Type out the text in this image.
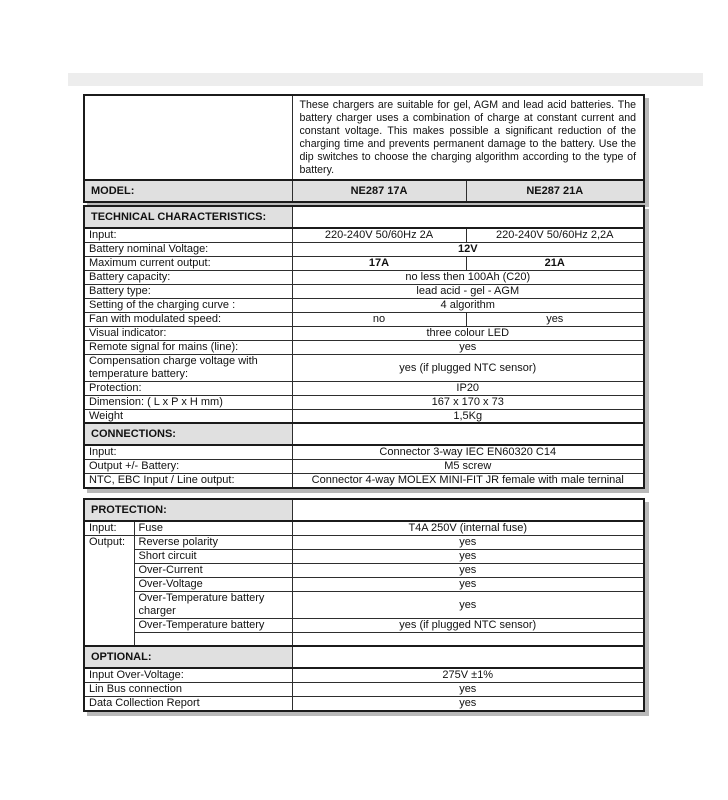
	These chargers are suitable for gel, AGM and lead acid batteries. The battery charger uses a combination of charge at constant current and constant voltage. This makes possible a significant reduction of the charging time and prevents permanent damage to the battery. Use the dip switches to choose the charging algorithm according to the type of battery.	
MODEL:	NE287 17A	NE287 21A
TECHNICAL CHARACTERISTICS:		
Input:	220-240V 50/60Hz 2A	220-240V 50/60Hz 2,2A
Battery nominal Voltage:	12V	
Maximum current output:	17A	21A
Battery capacity:	no less then 100Ah (C20)	
Battery type:	lead acid - gel - AGM	
Setting of the charging curve :	4 algorithm	
Fan with modulated speed:	no	yes
Visual indicator:	three colour LED	
Remote signal for mains (line):	yes	
Compensation charge voltage with temperature battery:	yes (if plugged NTC sensor)	
Protection:	IP20	
Dimension: ( L x P x H mm)	167 x 170 x 73	
Weight	1,5Kg	
CONNECTIONS:	
Input:	Connector 3-way IEC EN60320 C14
Output +/- Battery:	M5 screw
NTC, EBC Input / Line output:	Connector 4-way MOLEX MINI-FIT JR female with male terninal
PROTECTION:		
Input:	Fuse	T4A 250V (internal fuse)
Output:	Reverse polarity	yes
	Short circuit	yes
	Over-Current	yes
	Over-Voltage	yes
	Over-Temperature battery charger	yes
	Over-Temperature battery	yes (if plugged NTC sensor)

OPTIONAL:	
Input Over-Voltage:	275V ±1%
Lin Bus connection	yes
Data Collection Report	yes
